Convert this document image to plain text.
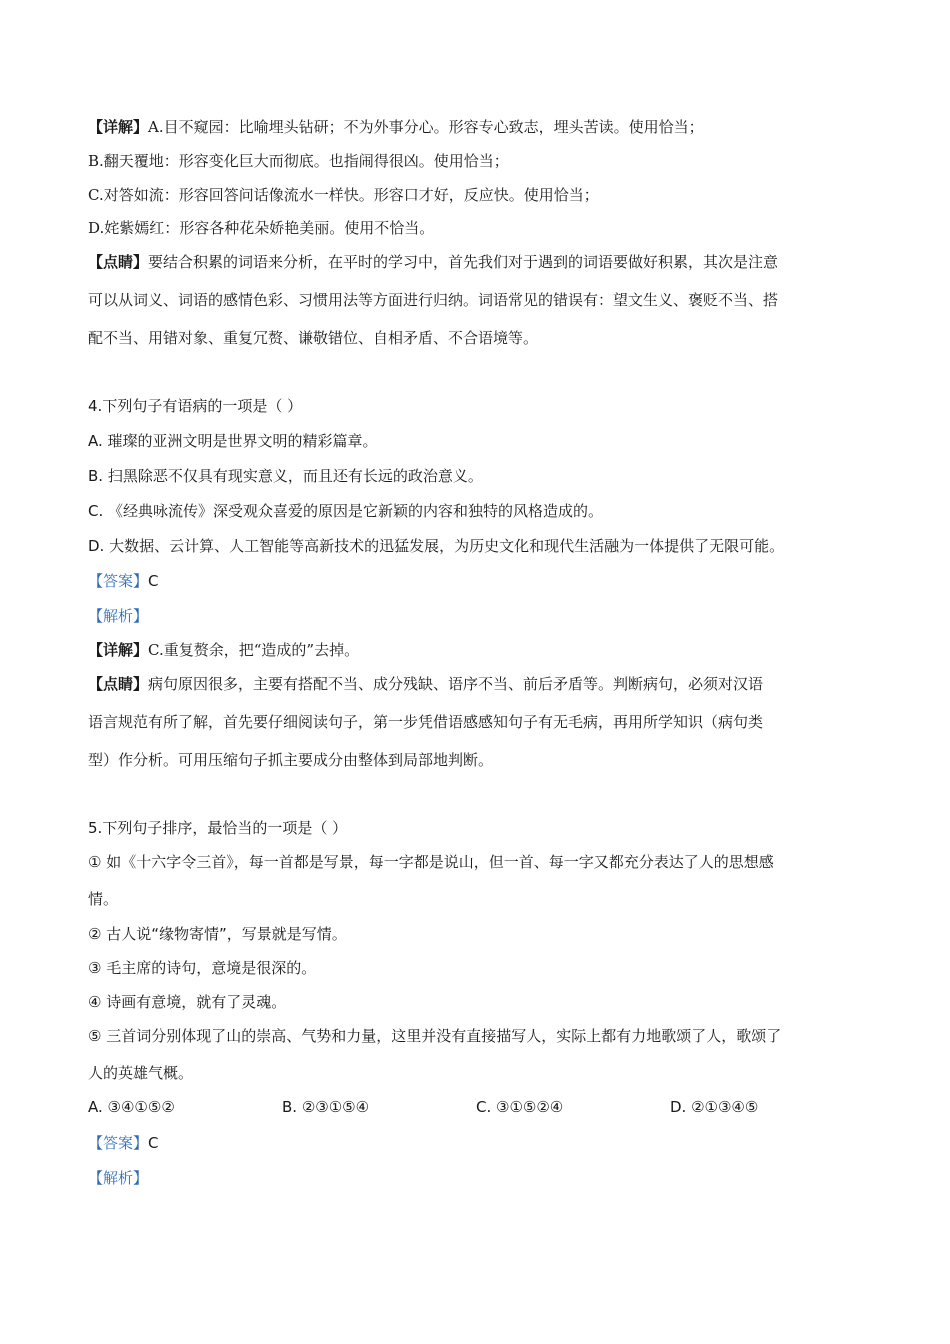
【详解】A.目不窥园：比喻埋头钻研；不为外事分心。形容专心致志，埋头苦读。使用恰当；
B.翻天覆地：形容变化巨大而彻底。也指闹得很凶。使用恰当；
C.对答如流：形容回答问话像流水一样快。形容口才好，反应快。使用恰当；
D.姹紫嫣红：形容各种花朵娇艳美丽。使用不恰当。
【点睛】要结合积累的词语来分析，在平时的学习中，首先我们对于遇到的词语要做好积累，其次是注意
可以从词义、词语的感情色彩、习惯用法等方面进行归纳。词语常见的错误有：望文生义、褒贬不当、搭
配不当、用错对象、重复冗赘、谦敬错位、自相矛盾、不合语境等。
4.下列句子有语病的一项是（ ）
A. 璀璨的亚洲文明是世界文明的精彩篇章。
B. 扫黑除恶不仅具有现实意义，而且还有长远的政治意义。
C. 《经典咏流传》深受观众喜爱的原因是它新颖的内容和独特的风格造成的。
D. 大数据、云计算、人工智能等高新技术的迅猛发展，为历史文化和现代生活融为一体提供了无限可能。
【答案】C
【解析】
【详解】C.重复赘余，把“造成的”去掉。
【点睛】病句原因很多，主要有搭配不当、成分残缺、语序不当、前后矛盾等。判断病句，必须对汉语
语言规范有所了解，首先要仔细阅读句子，第一步凭借语感感知句子有无毛病，再用所学知识（病句类
型）作分析。可用压缩句子抓主要成分由整体到局部地判断。
5.下列句子排序，最恰当的一项是（ ）
① 如《十六字令三首》，每一首都是写景，每一字都是说山，但一首、每一字又都充分表达了人的思想感
情。
② 古人说“缘物寄情”，写景就是写情。
③ 毛主席的诗句，意境是很深的。
④ 诗画有意境，就有了灵魂。
⑤ 三首词分别体现了山的崇高、气势和力量，这里并没有直接描写人，实际上都有力地歌颂了人，歌颂了
人的英雄气概。
A. ③④①⑤②	B. ②③①⑤④	C. ③①⑤②④	D. ②①③④⑤
【答案】C
【解析】
